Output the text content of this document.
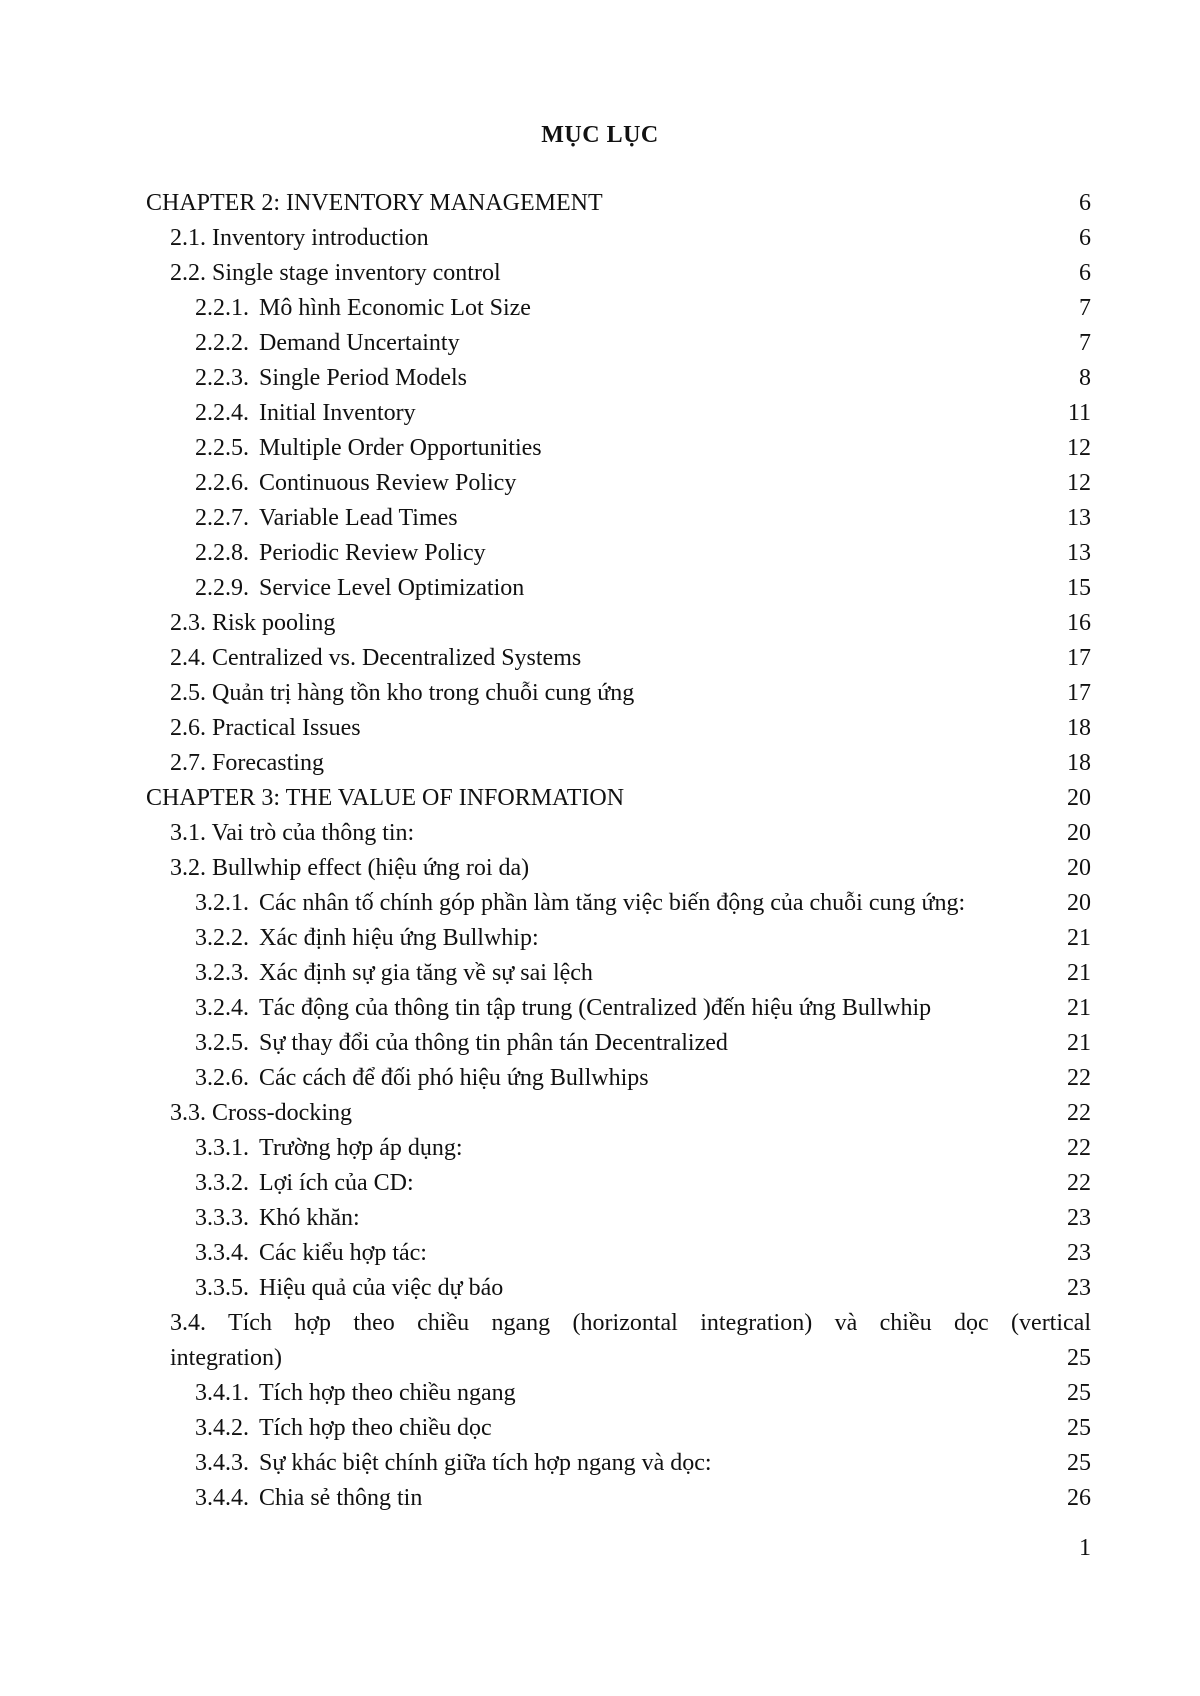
MỤC LỤC
CHAPTER 2: INVENTORY MANAGEMENT	6
2.1. Inventory introduction	6
2.2. Single stage inventory control	6
2.2.1. Mô hình Economic Lot Size	7
2.2.2. Demand Uncertainty	7
2.2.3. Single Period Models	8
2.2.4. Initial Inventory	11
2.2.5. Multiple Order Opportunities	12
2.2.6. Continuous Review Policy	12
2.2.7. Variable Lead Times	13
2.2.8. Periodic Review Policy	13
2.2.9. Service Level Optimization	15
2.3. Risk pooling	16
2.4. Centralized vs. Decentralized Systems	17
2.5. Quản trị hàng tồn kho trong chuỗi cung ứng	17
2.6. Practical Issues	18
2.7. Forecasting	18
CHAPTER 3: THE VALUE OF INFORMATION	20
3.1. Vai trò của thông tin:	20
3.2. Bullwhip effect (hiệu ứng roi da)	20
3.2.1. Các nhân tố chính góp phần làm tăng việc biến động của chuỗi cung ứng:	20
3.2.2. Xác định hiệu ứng Bullwhip:	21
3.2.3. Xác định sự gia tăng về sự sai lệch	21
3.2.4. Tác động của thông tin tập trung (Centralized )đến hiệu ứng Bullwhip	21
3.2.5. Sự thay đổi của thông tin phân tán Decentralized	21
3.2.6. Các cách để đối phó hiệu ứng Bullwhips	22
3.3. Cross-docking	22
3.3.1. Trường hợp áp dụng:	22
3.3.2. Lợi ích của CD:	22
3.3.3. Khó khăn:	23
3.3.4. Các kiểu hợp tác:	23
3.3.5. Hiệu quả của việc dự báo	23
3.4. Tích hợp theo chiều ngang (horizontal integration) và chiều dọc (vertical
integration)	25
3.4.1. Tích hợp theo chiều ngang	25
3.4.2. Tích hợp theo chiều dọc	25
3.4.3. Sự khác biệt chính giữa tích hợp ngang và dọc:	25
3.4.4. Chia sẻ thông tin	26
1
